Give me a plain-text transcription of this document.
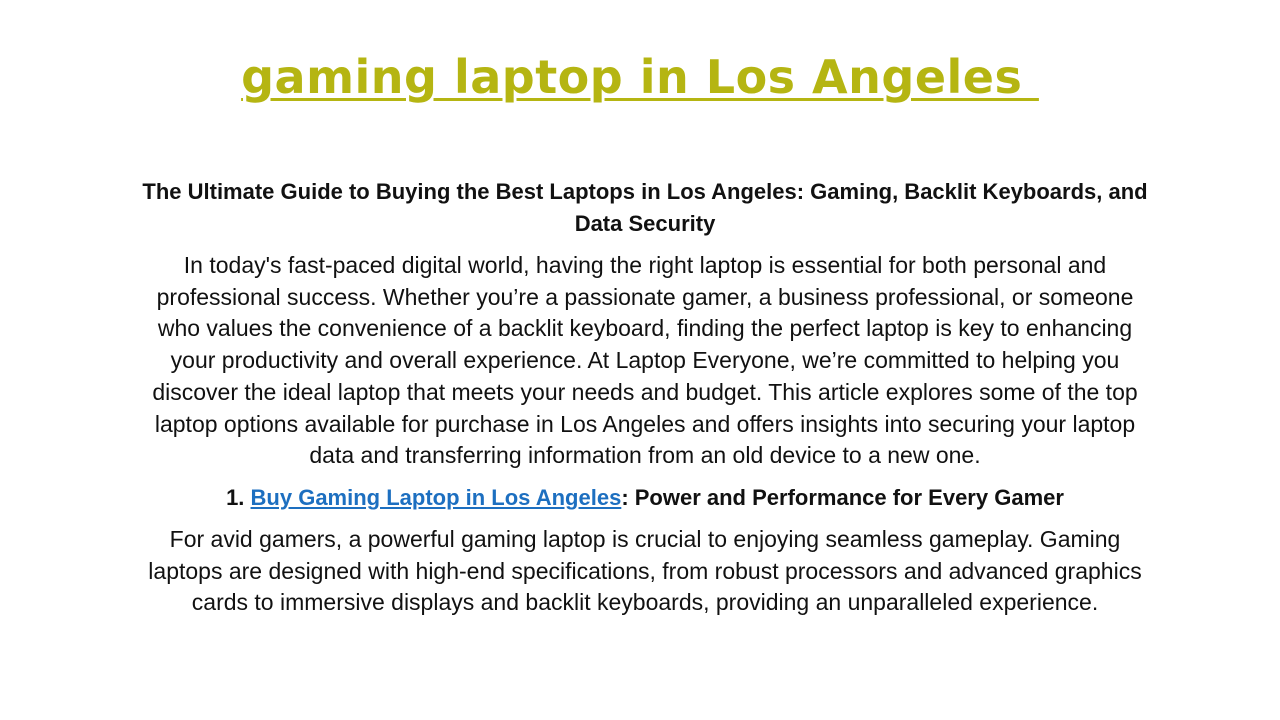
gaming laptop in Los Angeles
The Ultimate Guide to Buying the Best Laptops in Los Angeles: Gaming, Backlit Keyboards, and Data Security
In today's fast-paced digital world, having the right laptop is essential for both personal and professional success. Whether you’re a passionate gamer, a business professional, or someone who values the convenience of a backlit keyboard, finding the perfect laptop is key to enhancing your productivity and overall experience. At Laptop Everyone, we’re committed to helping you discover the ideal laptop that meets your needs and budget. This article explores some of the top laptop options available for purchase in Los Angeles and offers insights into securing your laptop data and transferring information from an old device to a new one.
1. Buy Gaming Laptop in Los Angeles: Power and Performance for Every Gamer
For avid gamers, a powerful gaming laptop is crucial to enjoying seamless gameplay. Gaming laptops are designed with high-end specifications, from robust processors and advanced graphics cards to immersive displays and backlit keyboards, providing an unparalleled experience.
